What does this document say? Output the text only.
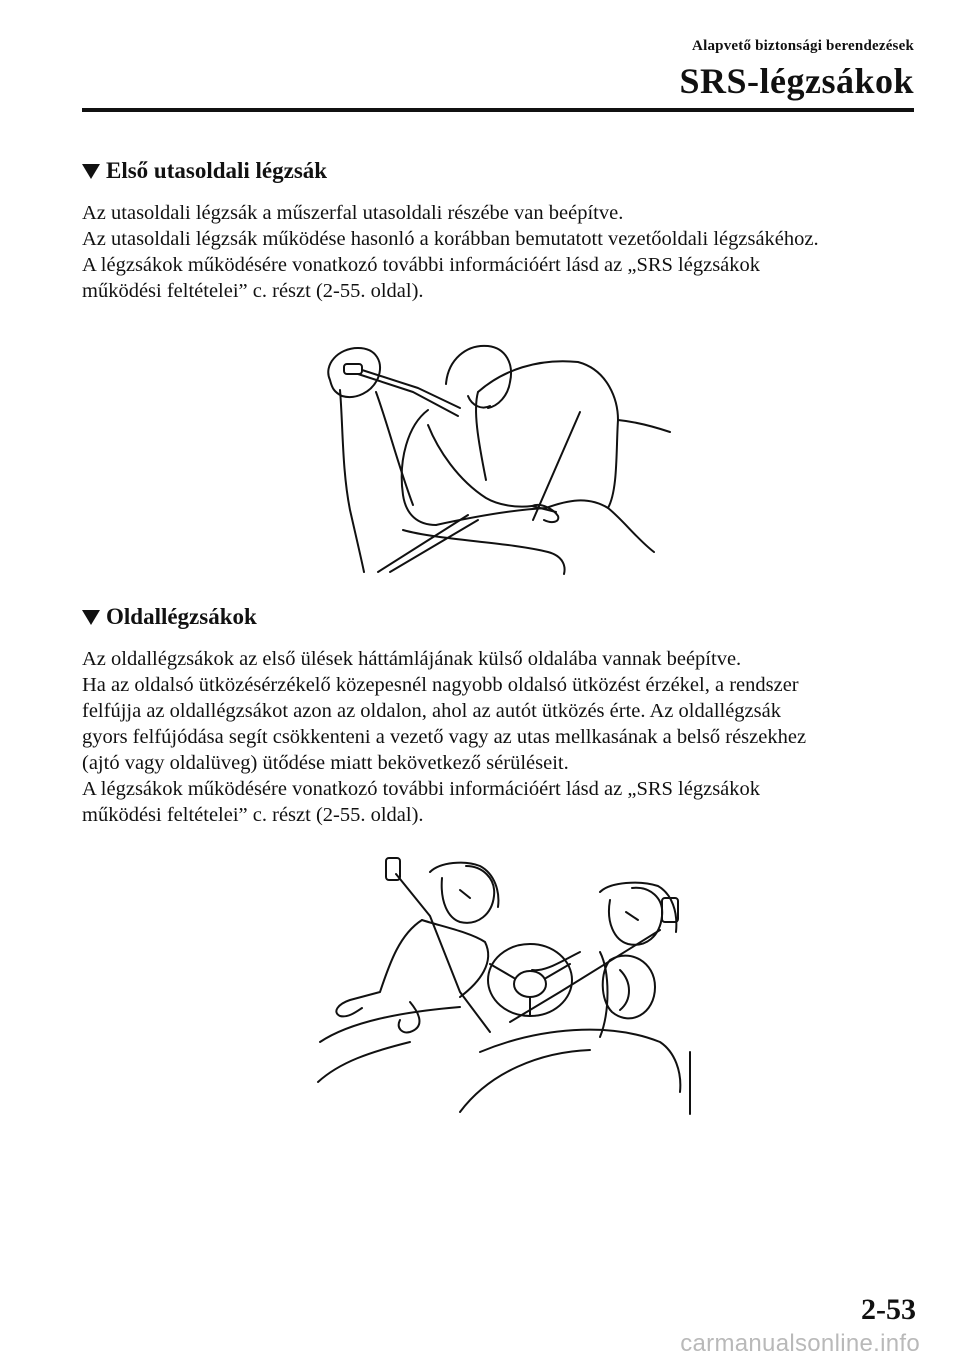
Alapvető biztonsági berendezések
SRS-légzsákok
Első utasoldali légzsák

Az utasoldali légzsák a műszerfal utasoldali részébe van beépítve.

Az utasoldali légzsák működése hasonló a korábban bemutatott vezetőoldali légzsákéhoz.

A légzsákok működésére vonatkozó további információért lásd az „SRS légzsákok

működési feltételei” c. részt (2-55. oldal).

Oldallégzsákok

Az oldallégzsákok az első ülések háttámlájának külső oldalába vannak beépítve.

Ha az oldalsó ütközésérzékelő közepesnél nagyobb oldalsó ütközést érzékel, a rendszer

felfújja az oldallégzsákot azon az oldalon, ahol az autót ütközés érte. Az oldallégzsák

gyors felfújódása segít csökkenteni a vezető vagy az utas mellkasának a belső részekhez

(ajtó vagy oldalüveg) ütődése miatt bekövetkező sérüléseit.

A légzsákok működésére vonatkozó további információért lásd az „SRS légzsákok

működési feltételei” c. részt (2-55. oldal).

2-53
carmanualsonline.info
